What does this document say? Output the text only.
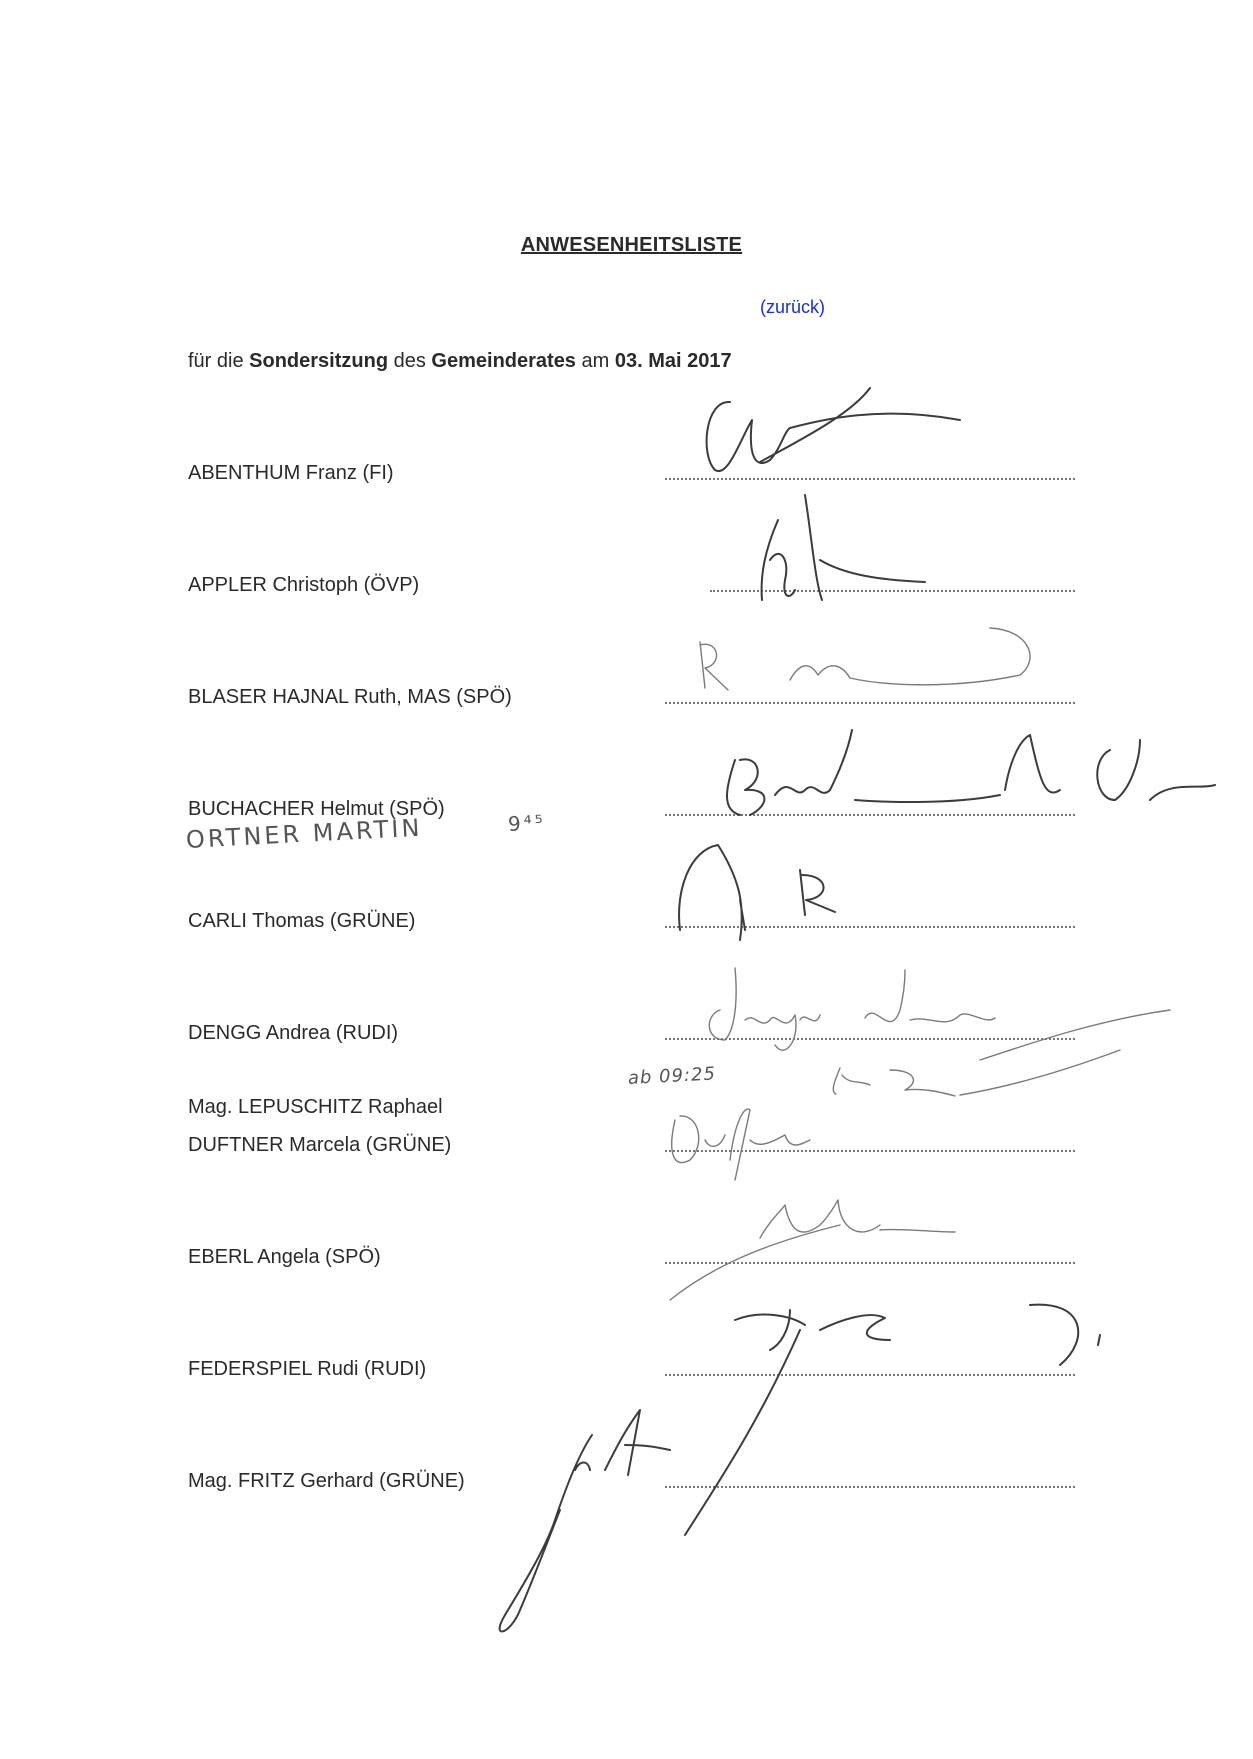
ANWESENHEITSLISTE
(zurück)
für die Sondersitzung des Gemeinderates am 03. Mai 2017
ABENTHUM Franz (FI)
APPLER Christoph (ÖVP)
BLASER HAJNAL Ruth, MAS (SPÖ)
BUCHACHER Helmut (SPÖ)
CARLI Thomas (GRÜNE)
DENGG Andrea (RUDI)
Mag. LEPUSCHITZ Raphael
DUFTNER Marcela (GRÜNE)
EBERL Angela (SPÖ)
FEDERSPIEL Rudi (RUDI)
Mag. FRITZ Gerhard (GRÜNE)
ORTNER MARTIN	9⁴⁵
ab 09:25
